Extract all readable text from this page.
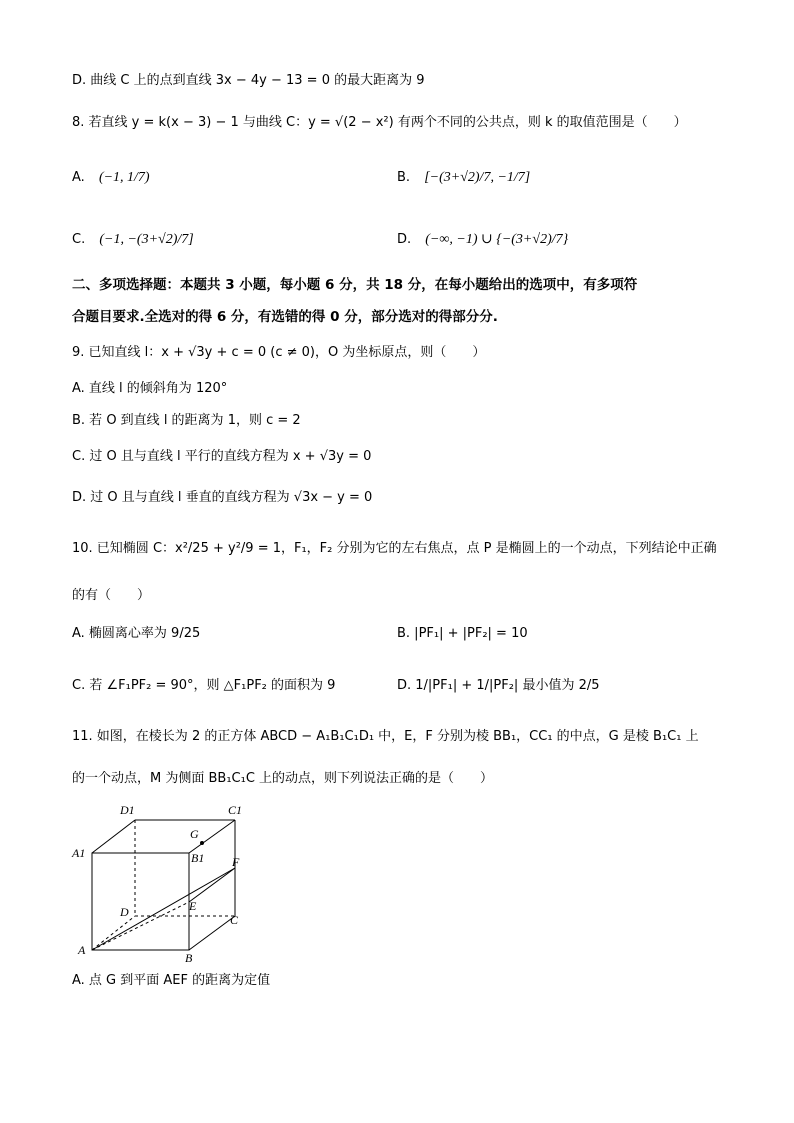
D. 曲线 C 上的点到直线 3x − 4y − 13 = 0 的最大距离为 9
8. 若直线 y = k(x − 3) − 1 与曲线 C：y = √(2 − x²) 有两个不同的公共点，则 k 的取值范围是（　　）
A. (−1, 1/7)	B. [−(3+√2)/7, −1/7]
C. (−1, −(3+√2)/7]	D. (−∞, −1) ∪ {−(3+√2)/7}
二、多项选择题：本题共 3 小题，每小题 6 分，共 18 分，在每小题给出的选项中，有多项符
合题目要求.全选对的得 6 分，有选错的得 0 分，部分选对的得部分分.
9. 已知直线 l：x + √3y + c = 0 (c ≠ 0)，O 为坐标原点，则（　　）
A. 直线 l 的倾斜角为 120°
B. 若 O 到直线 l 的距离为 1，则 c = 2
C. 过 O 且与直线 l 平行的直线方程为 x + √3y = 0
D. 过 O 且与直线 l 垂直的直线方程为 √3x − y = 0
10. 已知椭圆 C：x²/25 + y²/9 = 1，F₁，F₂ 分别为它的左右焦点，点 P 是椭圆上的一个动点，下列结论中正确
的有（　　）
A. 椭圆离心率为 9/25	B. |PF₁| + |PF₂| = 10
C. 若 ∠F₁PF₂ = 90°，则 △F₁PF₂ 的面积为 9	D. 1/|PF₁| + 1/|PF₂| 最小值为 2/5
11. 如图，在棱长为 2 的正方体 ABCD − A₁B₁C₁D₁ 中，E，F 分别为棱 BB₁，CC₁ 的中点，G 是棱 B₁C₁ 上
的一个动点，M 为侧面 BB₁C₁C 上的动点，则下列说法正确的是（　　）
D1	C1
G
A1	B1 F
D	E
C
A
B
A. 点 G 到平面 AEF 的距离为定值
